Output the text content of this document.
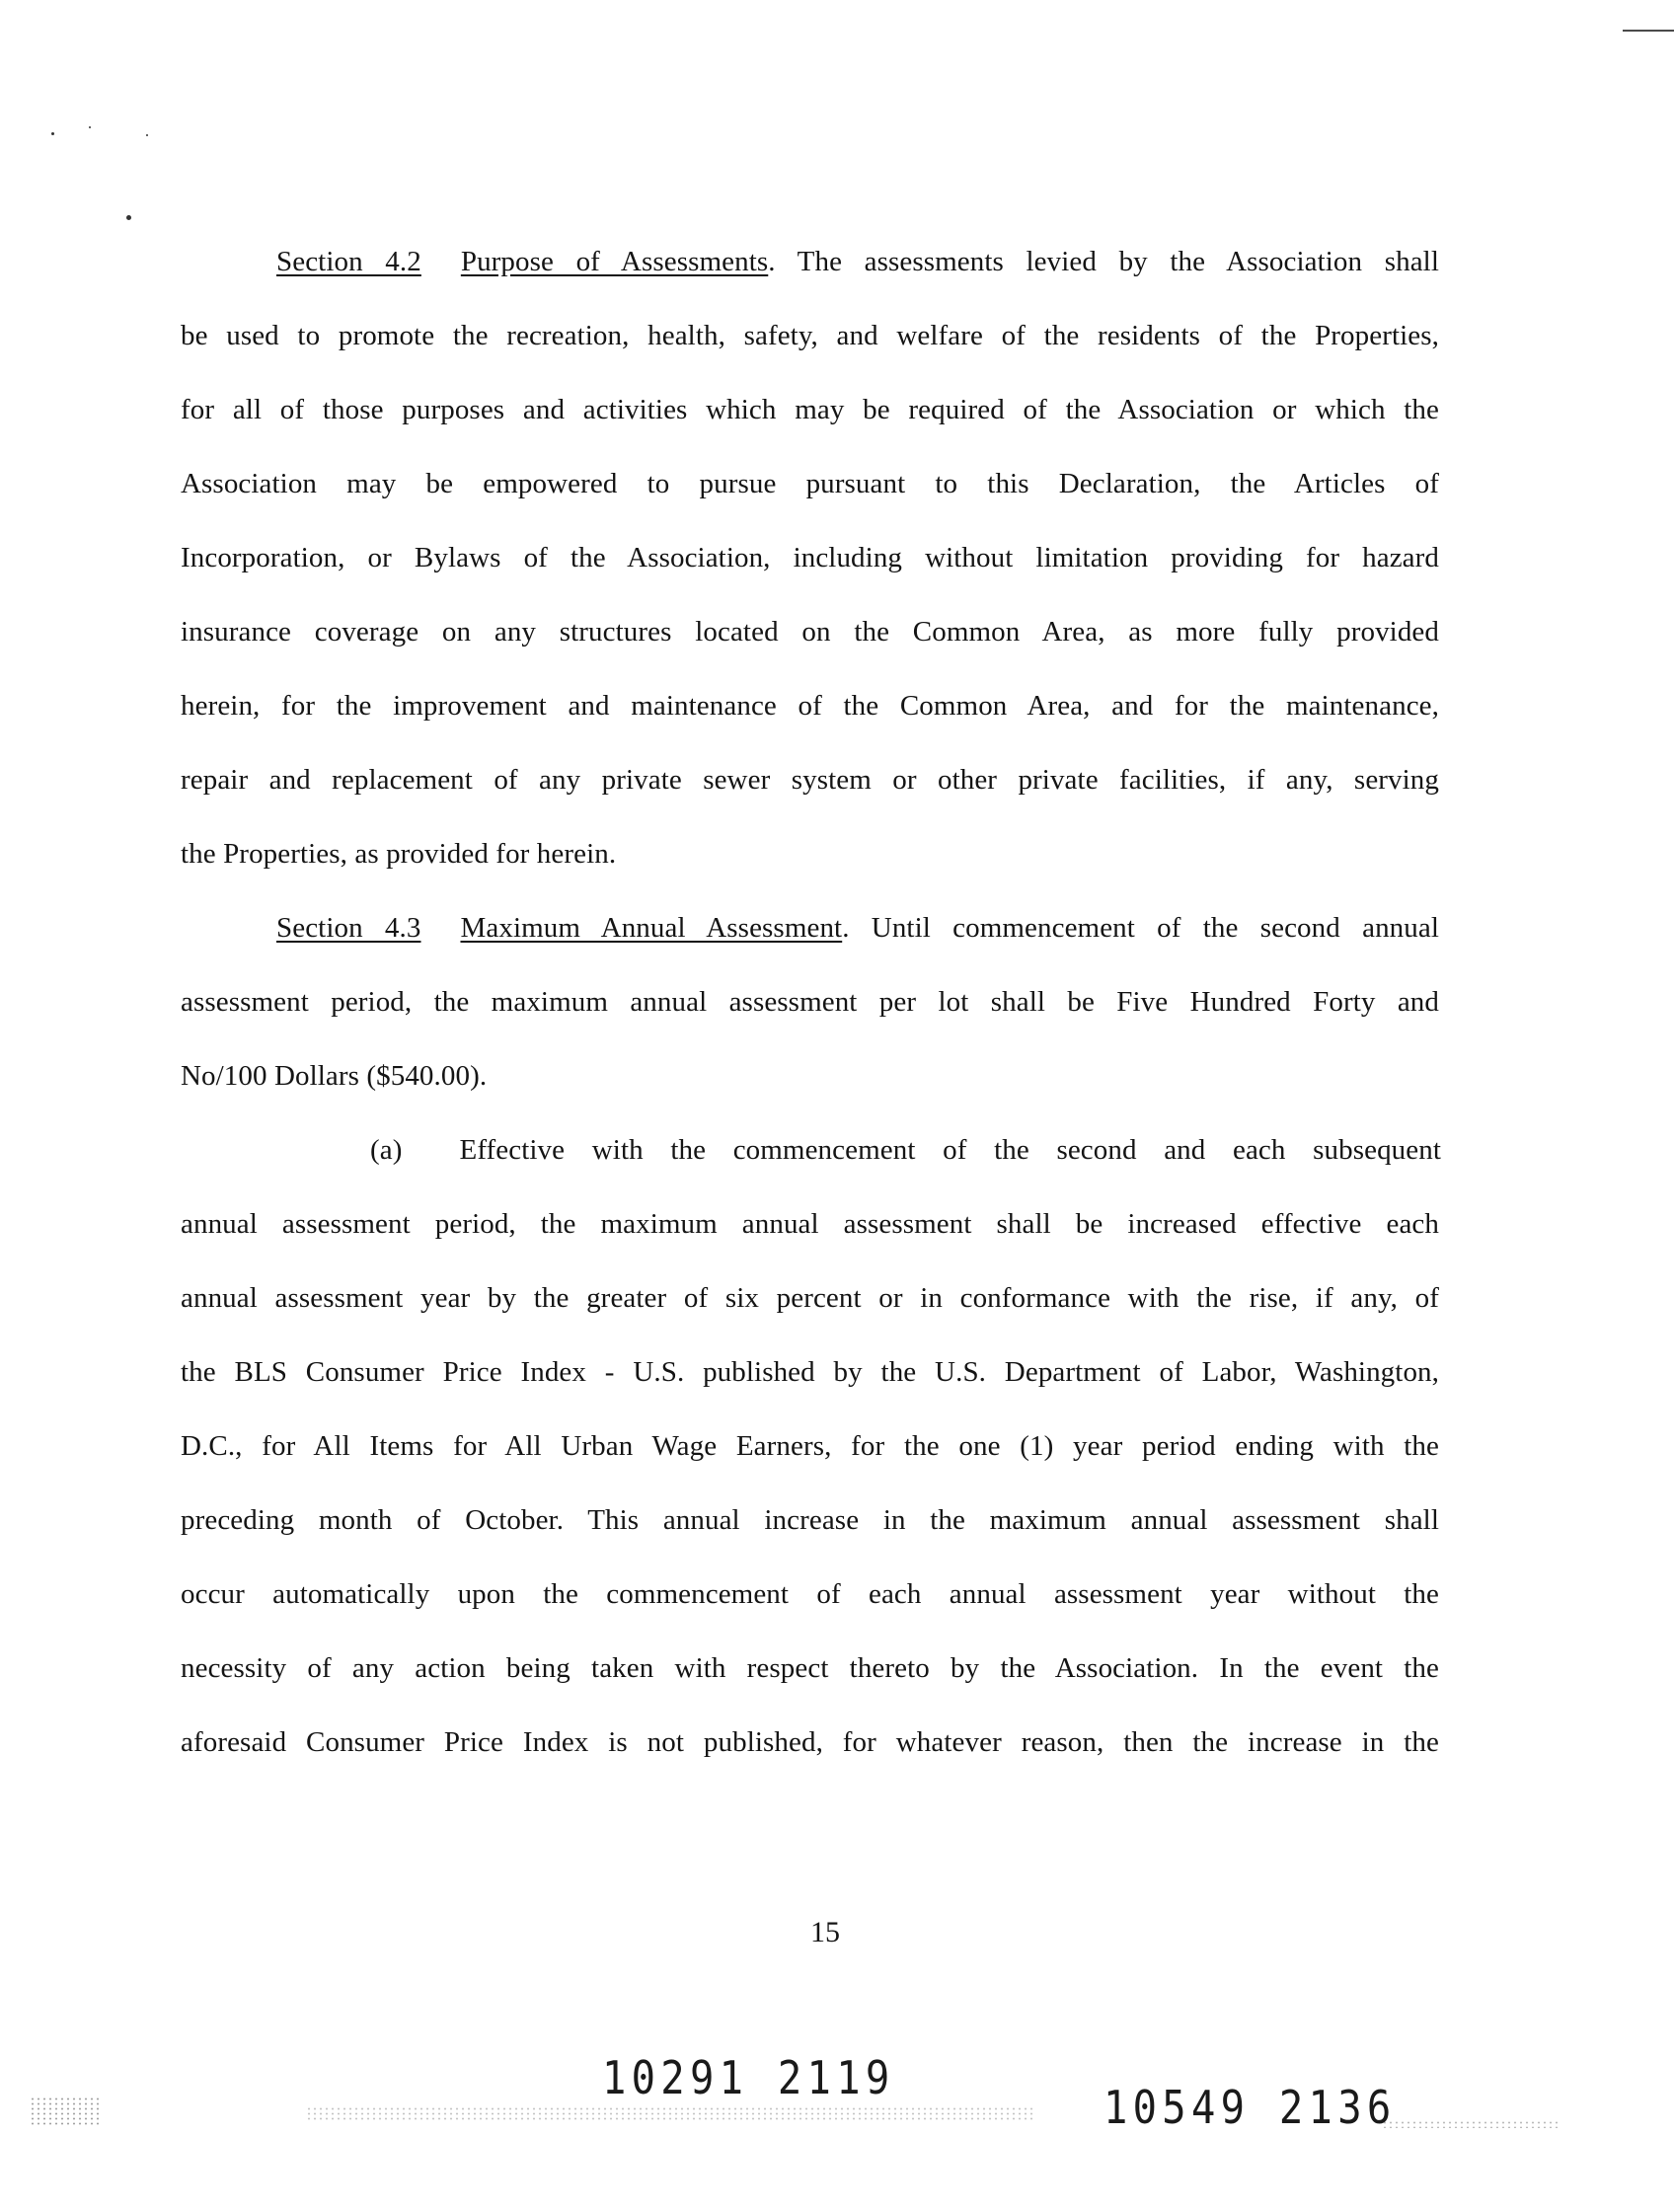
Section 4.2 Purpose of Assessments. The assessments levied by the Association shall
be used to promote the recreation, health, safety, and welfare of the residents of the Properties,
for all of those purposes and activities which may be required of the Association or which the
Association may be empowered to pursue pursuant to this Declaration, the Articles of
Incorporation, or Bylaws of the Association, including without limitation providing for hazard
insurance coverage on any structures located on the Common Area, as more fully provided
herein, for the improvement and maintenance of the Common Area, and for the maintenance,
repair and replacement of any private sewer system or other private facilities, if any, serving
the Properties, as provided for herein.
Section 4.3 Maximum Annual Assessment. Until commencement of the second annual
assessment period, the maximum annual assessment per lot shall be Five Hundred Forty and
No/100 Dollars ($540.00).
(a) Effective with the commencement of the second and each subsequent
annual assessment period, the maximum annual assessment shall be increased effective each
annual assessment year by the greater of six percent or in conformance with the rise, if any, of
the BLS Consumer Price Index - U.S. published by the U.S. Department of Labor, Washington,
D.C., for All Items for All Urban Wage Earners, for the one (1) year period ending with the
preceding month of October. This annual increase in the maximum annual assessment shall
occur automatically upon the commencement of each annual assessment year without the
necessity of any action being taken with respect thereto by the Association. In the event the
aforesaid Consumer Price Index is not published, for whatever reason, then the increase in the
15
10291 2119
10549 2136
